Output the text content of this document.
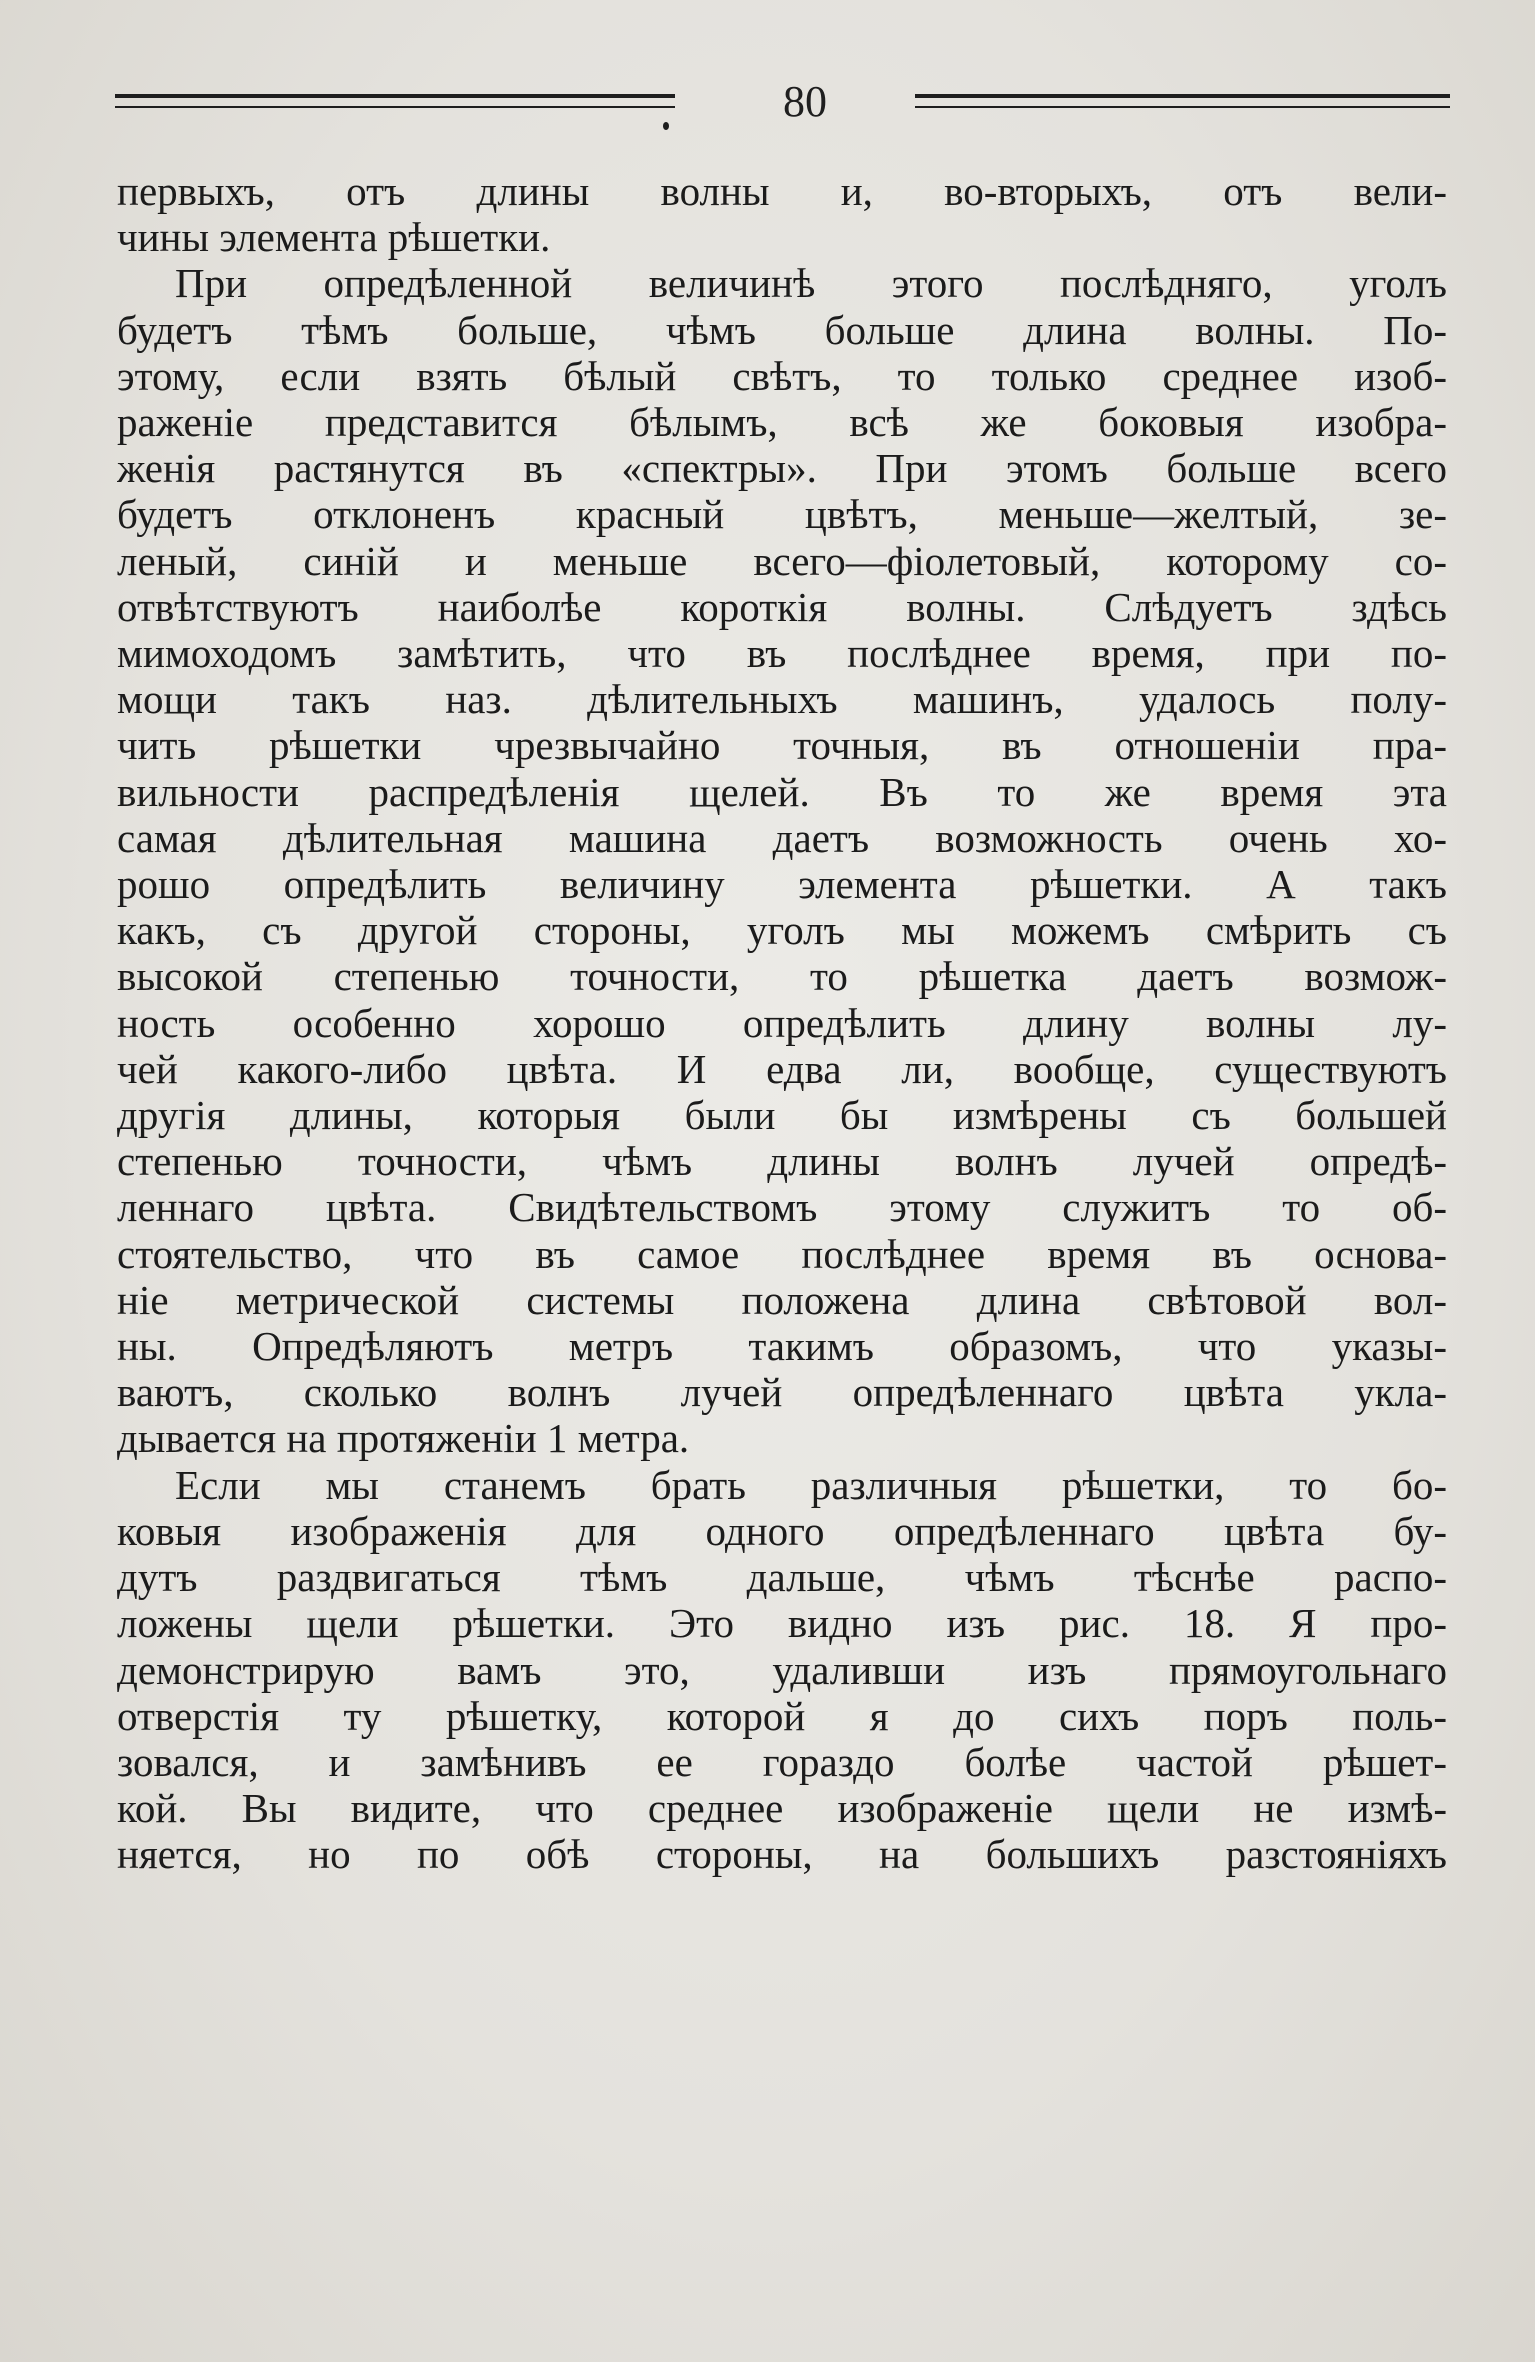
80
первыхъ, отъ длины волны и, во-вторыхъ, отъ вели-
чины элемента рѣшетки.
При опредѣленной величинѣ этого послѣдняго, уголъ
будетъ тѣмъ больше, чѣмъ больше длина волны. По-
этому, если взять бѣлый свѣтъ, то только среднее изоб-
раженіе представится бѣлымъ, всѣ же боковыя изобра-
женія растянутся въ «спектры». При этомъ больше всего
будетъ отклоненъ красный цвѣтъ, меньше—желтый, зе-
леный, синій и меньше всего—фіолетовый, которому со-
отвѣтствуютъ наиболѣе короткія волны. Слѣдуетъ здѣсь
мимоходомъ замѣтить, что въ послѣднее время, при по-
мощи такъ наз. дѣлительныхъ машинъ, удалось полу-
чить рѣшетки чрезвычайно точныя, въ отношеніи пра-
вильности распредѣленія щелей. Въ то же время эта
самая дѣлительная машина даетъ возможность очень хо-
рошо опредѣлить величину элемента рѣшетки. А такъ
какъ, съ другой стороны, уголъ мы можемъ смѣрить съ
высокой степенью точности, то рѣшетка даетъ возмож-
ность особенно хорошо опредѣлить длину волны лу-
чей какого-либо цвѣта. И едва ли, вообще, существуютъ
другія длины, которыя были бы измѣрены съ большей
степенью точности, чѣмъ длины волнъ лучей опредѣ-
леннаго цвѣта. Свидѣтельствомъ этому служитъ то об-
стоятельство, что въ самое послѣднее время въ основа-
ніе метрической системы положена длина свѣтовой вол-
ны. Опредѣляютъ метръ такимъ образомъ, что указы-
ваютъ, сколько волнъ лучей опредѣленнаго цвѣта укла-
дывается на протяженіи 1 метра.
Если мы станемъ брать различныя рѣшетки, то бо-
ковыя изображенія для одного опредѣленнаго цвѣта бу-
дутъ раздвигаться тѣмъ дальше, чѣмъ тѣснѣе распо-
ложены щели рѣшетки. Это видно изъ рис. 18. Я про-
демонстрирую вамъ это, удаливши изъ прямоугольнаго
отверстія ту рѣшетку, которой я до сихъ поръ поль-
зовался, и замѣнивъ ее гораздо болѣе частой рѣшет-
кой. Вы видите, что среднее изображеніе щели не измѣ-
няется, но по обѣ стороны, на большихъ разстояніяхъ
